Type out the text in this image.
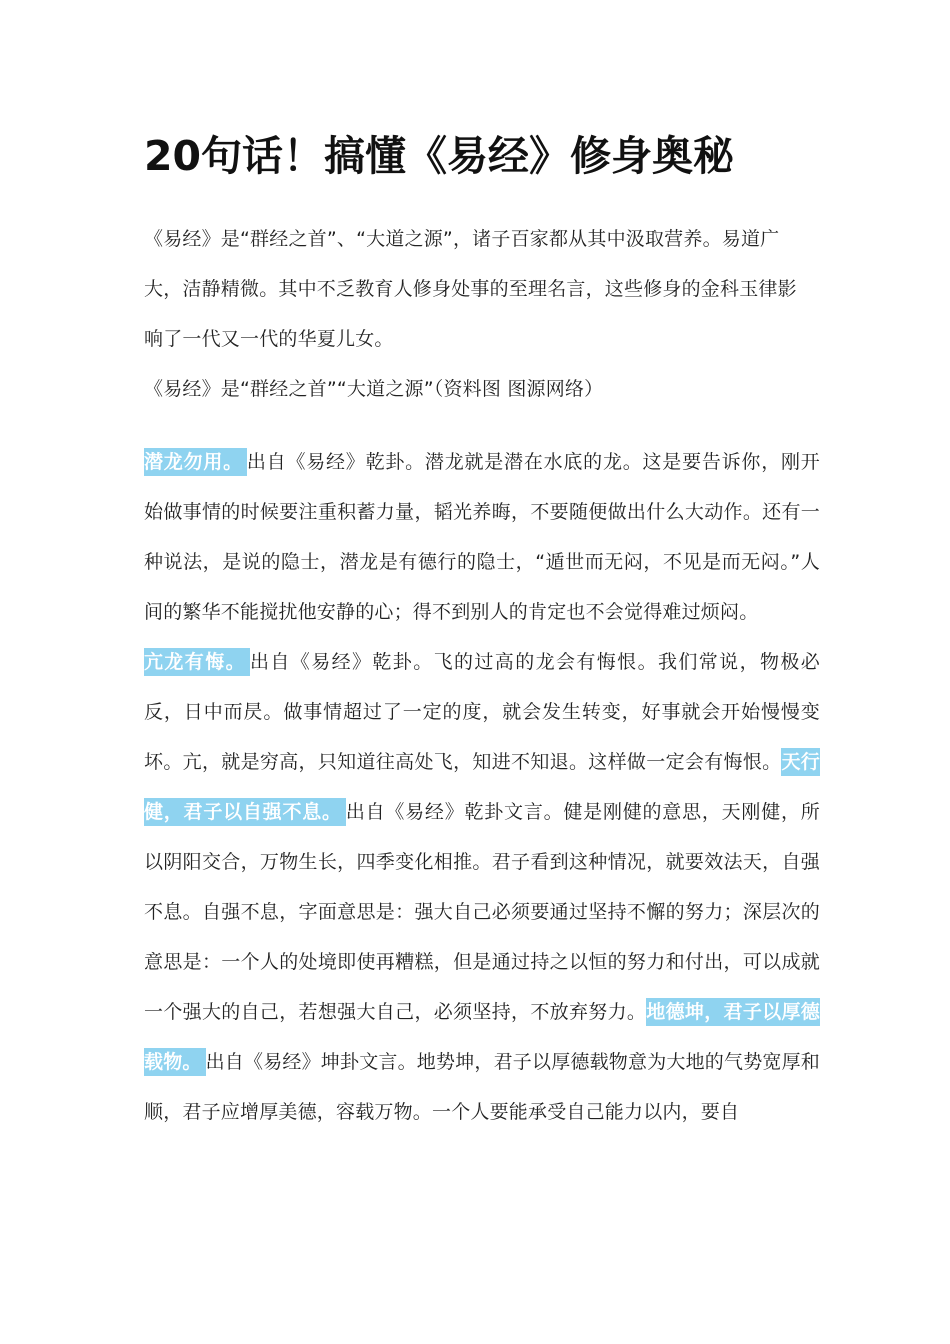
20句话！搞懂《易经》修身奥秘

《易经》是“群经之首”、“大道之源”，诸子百家都从其中汲取营养。易道广大，洁静精微。其中不乏教育人修身处事的至理名言，这些修身的金科玉律影响了一代又一代的华夏儿女。

《易经》是“群经之首”“大道之源”（资料图 图源网络）

潜龙勿用。 出自《易经》乾卦。潜龙就是潜在水底的龙。这是要告诉你，刚开始做事情的时候要注重积蓄力量，韬光养晦，不要随便做出什么大动作。还有一种说法，是说的隐士，潜龙是有德行的隐士，“遁世而无闷，不见是而无闷。”人间的繁华不能搅扰他安静的心；得不到别人的肯定也不会觉得难过烦闷。
亢龙有悔。 出自《易经》乾卦。飞的过高的龙会有悔恨。我们常说，物极必反，日中而昃。做事情超过了一定的度，就会发生转变，好事就会开始慢慢变坏。亢，就是穷高，只知道往高处飞，知进不知退。这样做一定会有悔恨。天行健，君子以自强不息。 出自《易经》乾卦文言。健是刚健的意思，天刚健，所以阴阳交合，万物生长，四季变化相推。君子看到这种情况，就要效法天，自强不息。自强不息，字面意思是：强大自己必须要通过坚持不懈的努力；深层次的意思是：一个人的处境即使再糟糕，但是通过持之以恒的努力和付出，可以成就一个强大的自己，若想强大自己，必须坚持，不放弃努力。地德坤，君子以厚德载物。 出自《易经》坤卦文言。地势坤，君子以厚德载物意为大地的气势宽厚和顺，君子应增厚美德，容载万物。一个人要能承受自己能力以内，要自
